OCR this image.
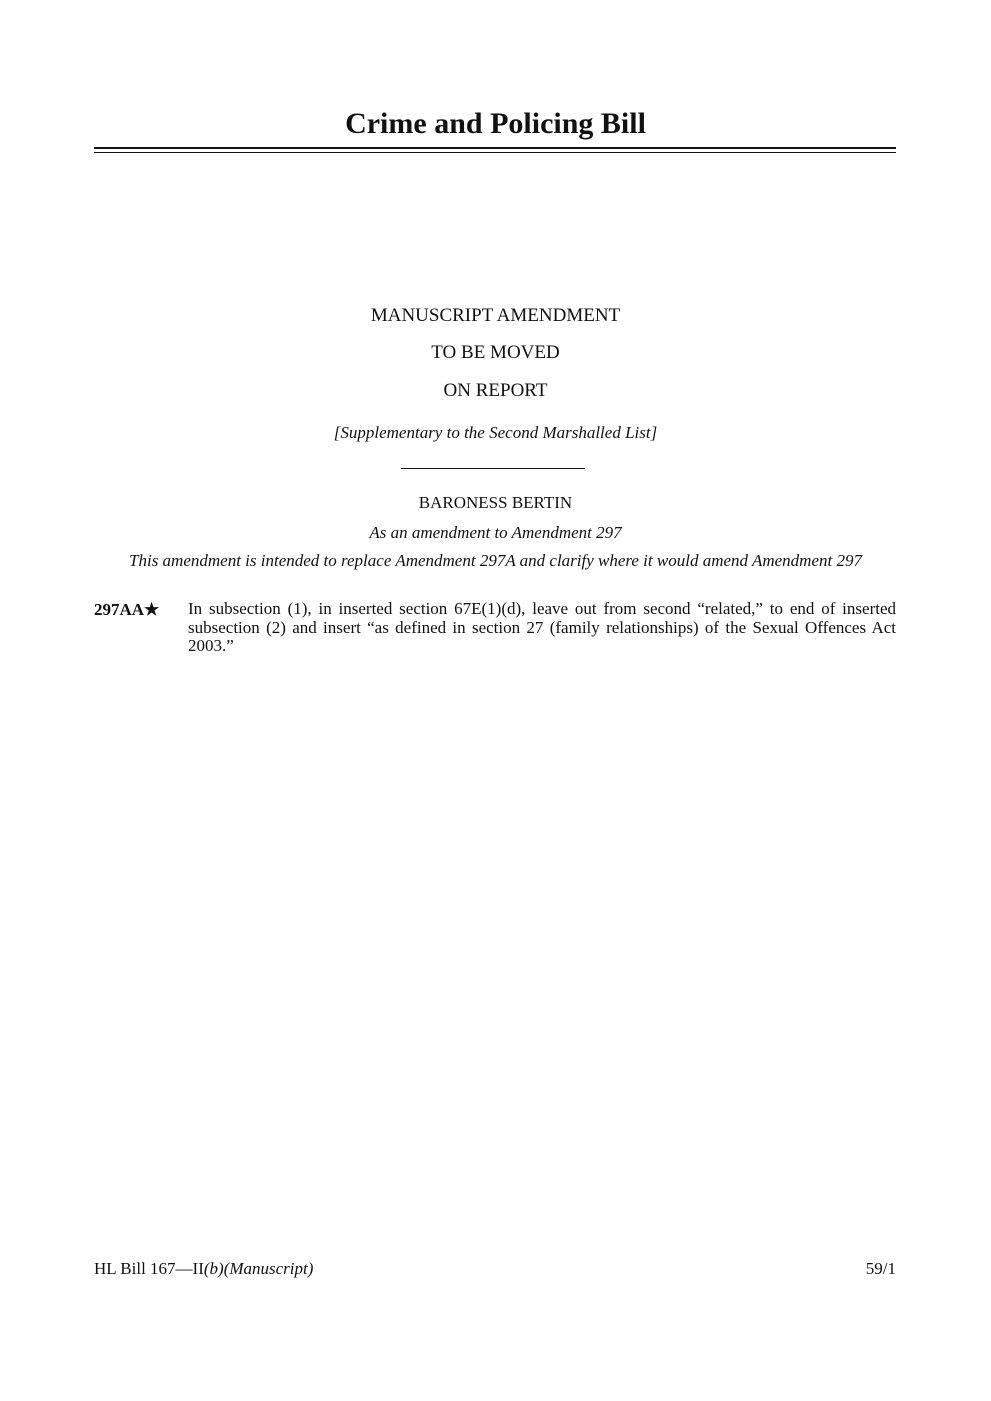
Crime and Policing Bill
MANUSCRIPT AMENDMENT
TO BE MOVED
ON REPORT
[Supplementary to the Second Marshalled List]
BARONESS BERTIN
As an amendment to Amendment 297
This amendment is intended to replace Amendment 297A and clarify where it would amend Amendment 297
297AA★ In subsection (1), in inserted section 67E(1)(d), leave out from second “related,” to end of inserted subsection (2) and insert “as defined in section 27 (family relationships) of the Sexual Offences Act 2003.”
HL Bill 167—II(b)(Manuscript)	59/1
